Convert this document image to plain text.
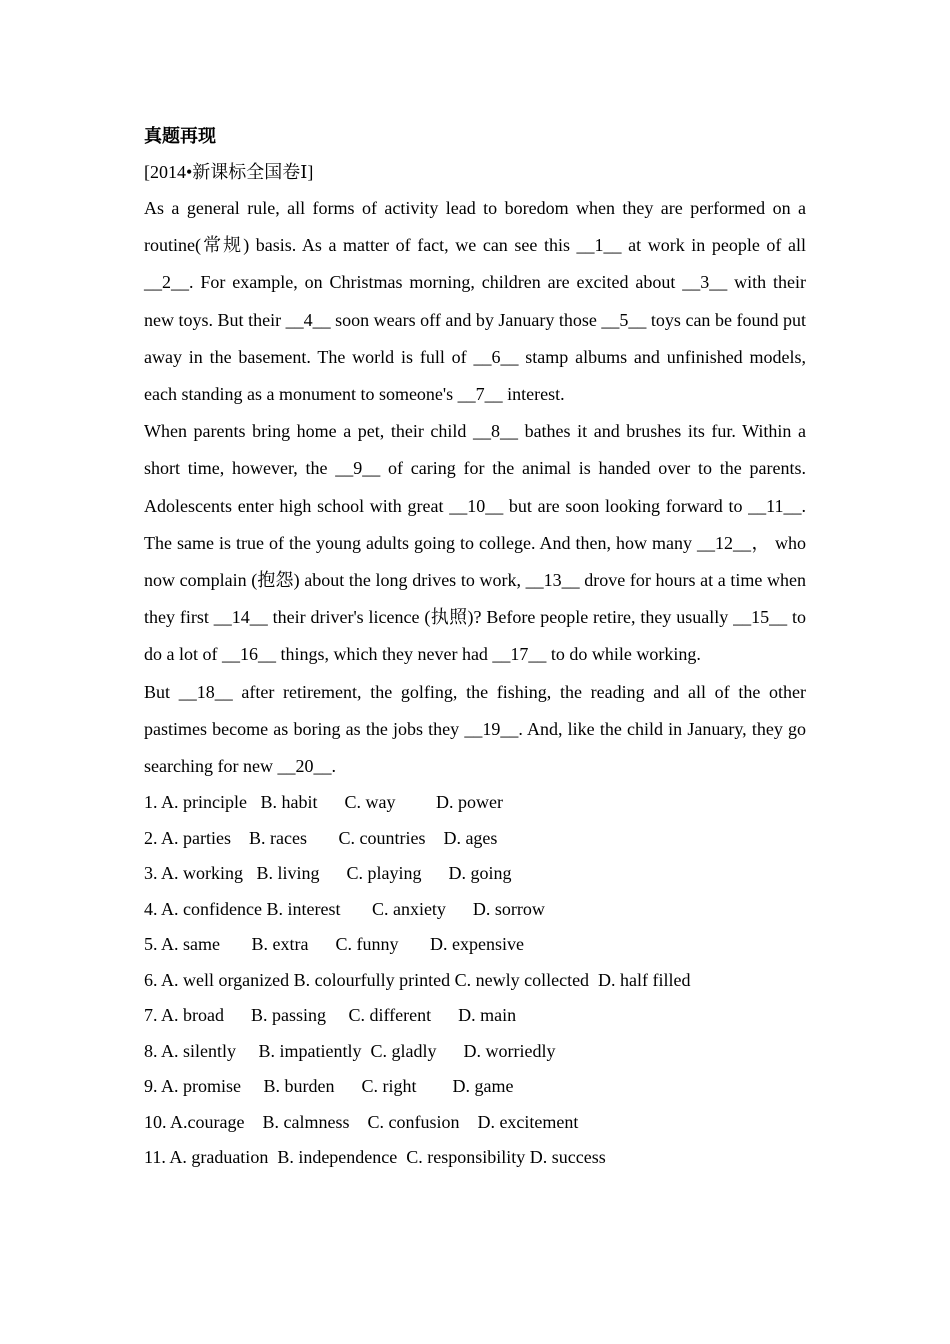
真题再现

[2014•新课标全国卷Ⅰ]

As a general rule, all forms of activity lead to boredom when they are performed on a routine(常规) basis. As a matter of fact, we can see this __1__ at work in people of all __2__. For example, on Christmas morning, children are excited about __3__ with their new toys. But their __4__ soon wears off and by January those __5__ toys can be found put away in the basement. The world is full of __6__ stamp albums and unfinished models, each standing as a monument to someone's __7__ interest.

When parents bring home a pet, their child __8__ bathes it and brushes its fur. Within a short time, however, the __9__ of caring for the animal is handed over to the parents. Adolescents enter high school with great __10__ but are soon looking forward to __11__. The same is true of the young adults going to college. And then, how many __12__， who now complain (抱怨) about the long drives to work, __13__ drove for hours at a time when they first __14__ their driver's licence (执照)? Before people retire, they usually __15__ to do a lot of __16__ things, which they never had __17__ to do while working.

But __18__ after retirement, the golfing, the fishing, the reading and all of the other pastimes become as boring as the jobs they __19__. And, like the child in January, they go searching for new __20__.

1. A. principle   B. habit      C. way         D. power

2. A. parties    B. races       C. countries    D. ages

3. A. working   B. living      C. playing      D. going

4. A. confidence B. interest       C. anxiety      D. sorrow

5. A. same       B. extra      C. funny       D. expensive

6. A. well organized B. colourfully printed C. newly collected  D. half filled

7. A. broad      B. passing     C. different      D. main

8. A. silently     B. impatiently  C. gladly      D. worriedly

9. A. promise     B. burden      C. right        D. game

10. A.courage    B. calmness    C. confusion    D. excitement

11. A. graduation  B. independence  C. responsibility D. success
